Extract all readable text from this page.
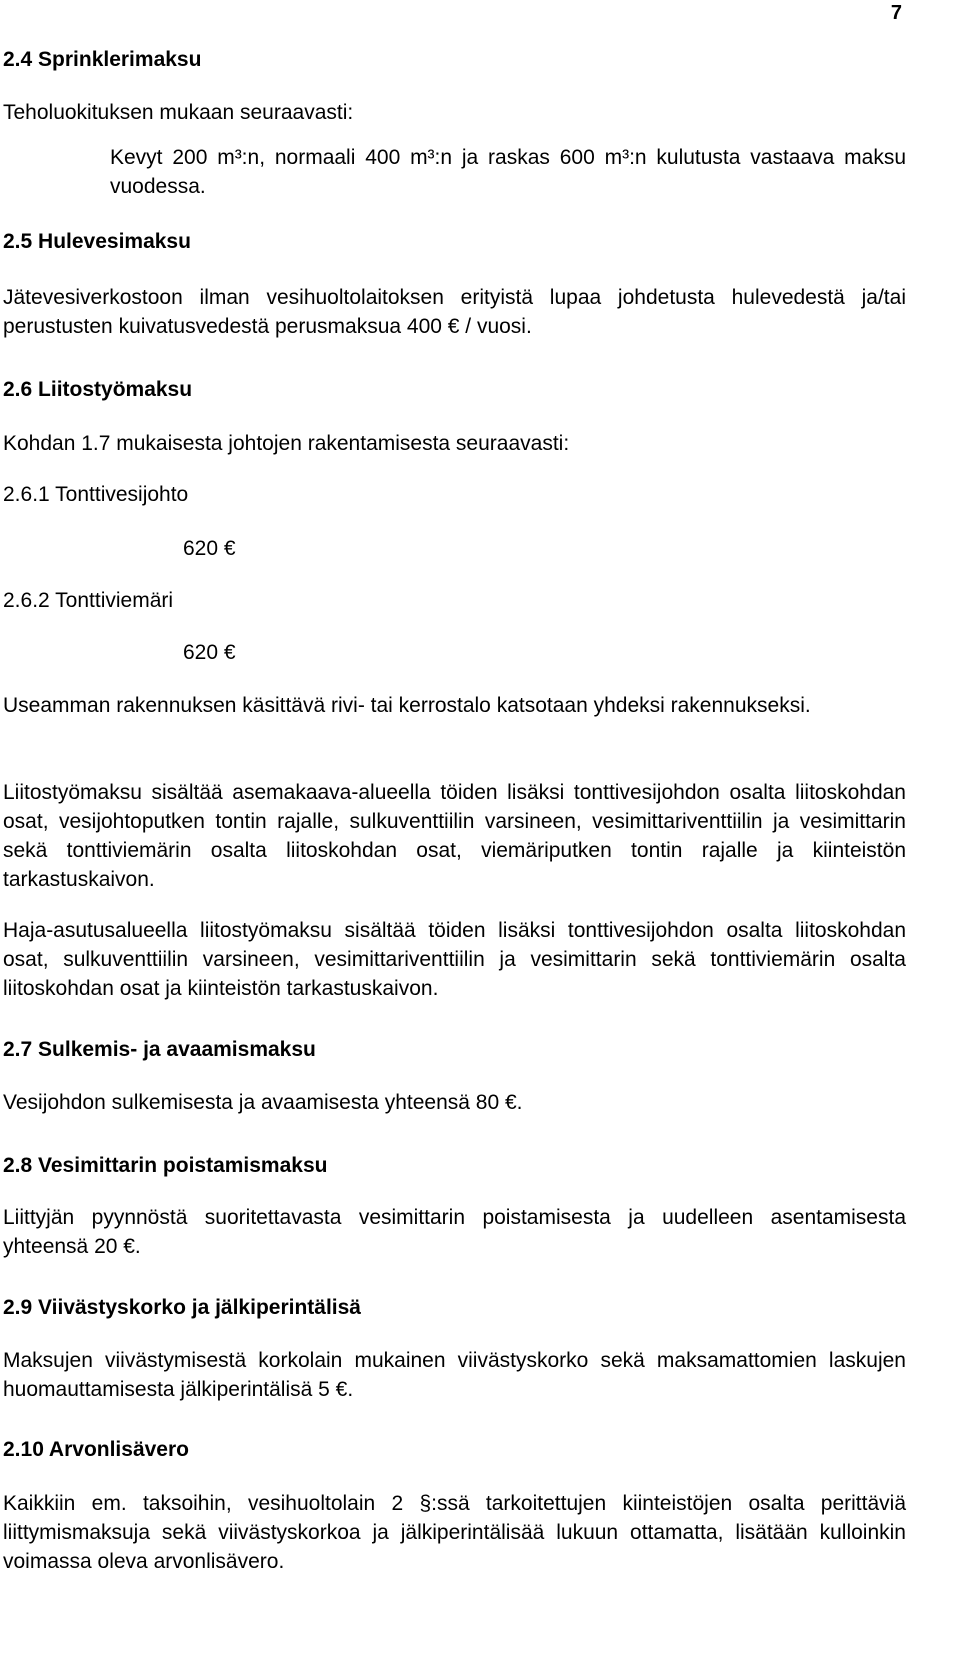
7
2.4 Sprinklerimaksu
Teholuokituksen mukaan seuraavasti:
Kevyt 200 m³:n, normaali 400 m³:n ja raskas 600 m³:n kulutusta vastaava maksu vuodessa.
2.5 Hulevesimaksu
Jätevesiverkostoon ilman vesihuoltolaitoksen erityistä lupaa johdetusta hulevedestä ja/tai perustusten kuivatusvedestä perusmaksua 400 € / vuosi.
2.6 Liitostyömaksu
Kohdan 1.7 mukaisesta johtojen rakentamisesta seuraavasti:
2.6.1 Tonttivesijohto
620 €
2.6.2 Tonttiviemäri
620 €
Useamman rakennuksen käsittävä rivi- tai kerrostalo katsotaan yhdeksi rakennukseksi.
Liitostyömaksu sisältää asemakaava-alueella töiden lisäksi tonttivesijohdon osalta liitoskohdan osat, vesijohtoputken tontin rajalle, sulkuventtiilin varsineen, vesimittariventtiilin ja vesimittarin sekä tonttiviemärin osalta liitoskohdan osat, viemäriputken tontin rajalle ja kiinteistön tarkastuskaivon.
Haja-asutusalueella liitostyömaksu sisältää töiden lisäksi tonttivesijohdon osalta liitoskohdan osat, sulkuventtiilin varsineen, vesimittariventtiilin ja vesimittarin sekä tonttiviemärin osalta liitoskohdan osat ja kiinteistön tarkastuskaivon.
2.7 Sulkemis- ja avaamismaksu
Vesijohdon sulkemisesta ja avaamisesta yhteensä 80 €.
2.8 Vesimittarin poistamismaksu
Liittyjän pyynnöstä suoritettavasta vesimittarin poistamisesta ja uudelleen asentamisesta yhteensä 20 €.
2.9 Viivästyskorko ja jälkiperintälisä
Maksujen viivästymisestä korkolain mukainen viivästyskorko sekä maksamattomien laskujen huomauttamisesta jälkiperintälisä 5 €.
2.10 Arvonlisävero
Kaikkiin em. taksoihin, vesihuoltolain 2 §:ssä tarkoitettujen kiinteistöjen osalta perittäviä liittymismaksuja sekä viivästyskorkoa ja jälkiperintälisää lukuun ottamatta, lisätään kulloinkin voimassa oleva arvonlisävero.
